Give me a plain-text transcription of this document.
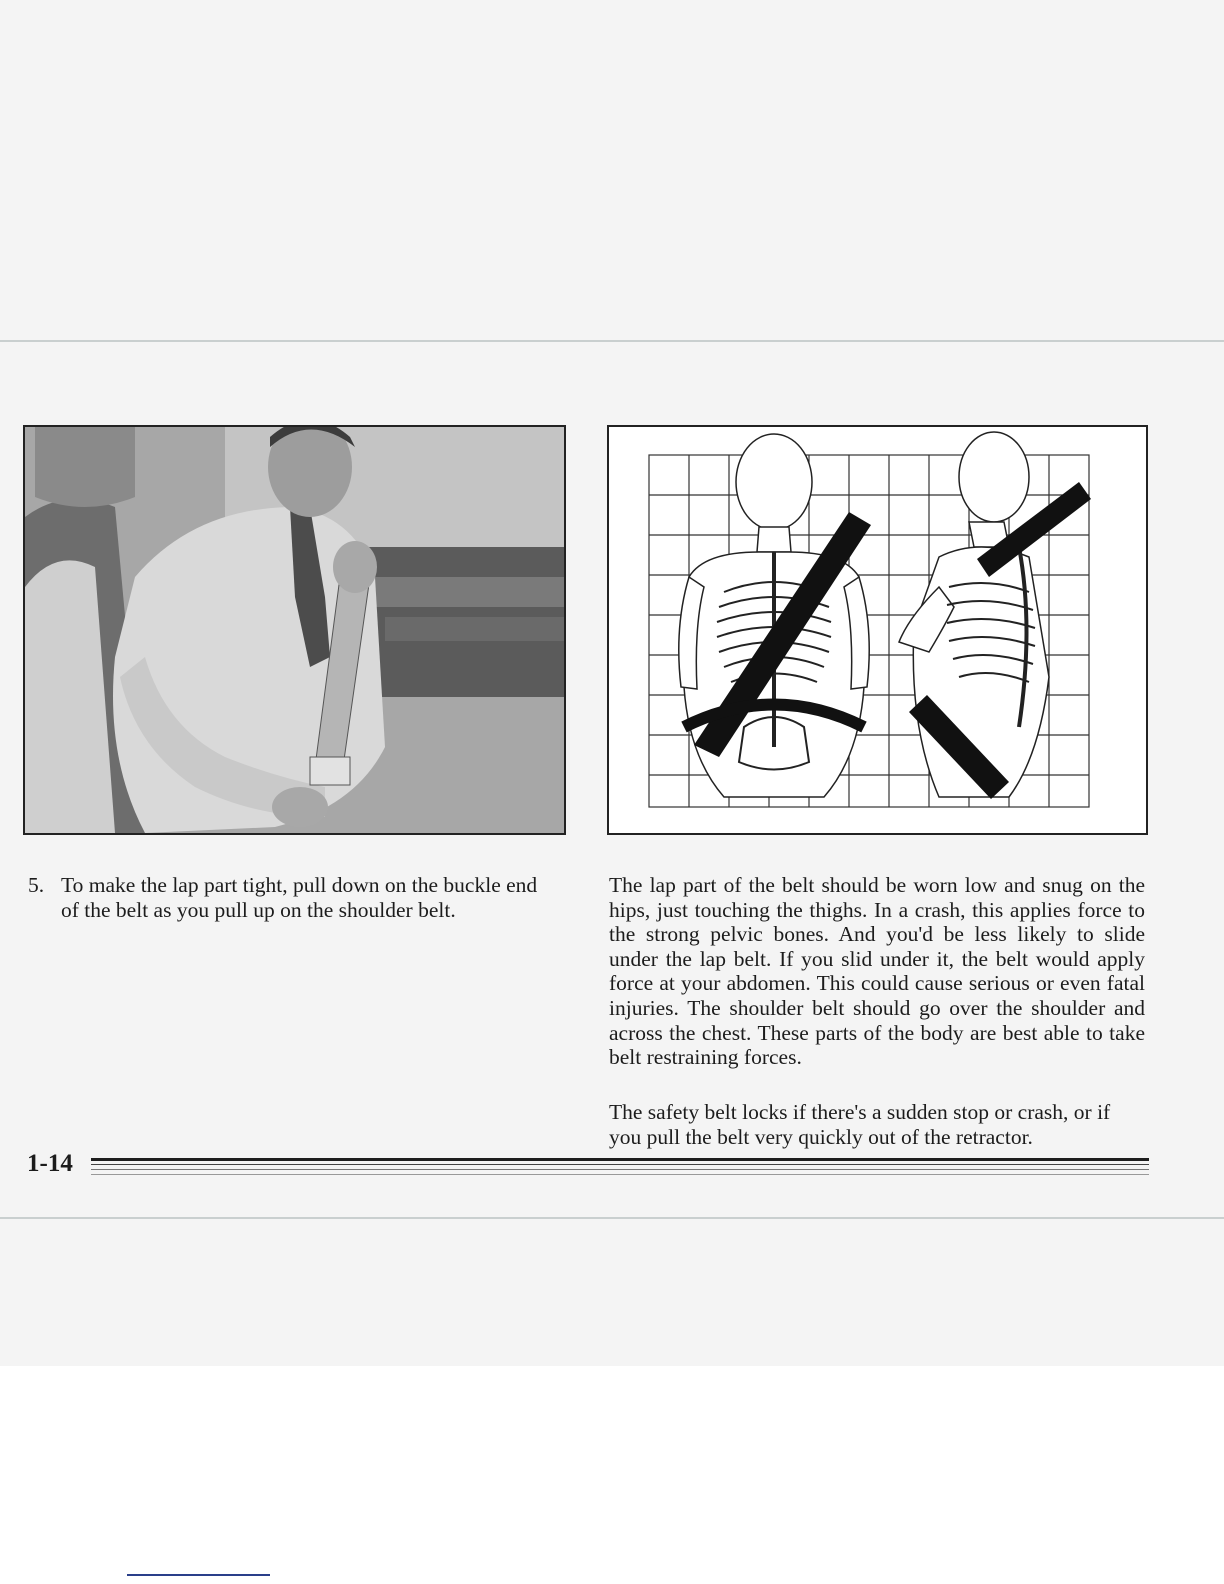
5. To make the lap part tight, pull down on the buckle end of the belt as you pull up on the shoulder belt.

The lap part of the belt should be worn low and snug on the hips, just touching the thighs. In a crash, this applies force to the strong pelvic bones. And you'd be less likely to slide under the lap belt. If you slid under it, the belt would apply force at your abdomen. This could cause serious or even fatal injuries. The shoulder belt should go over the shoulder and across the chest. These parts of the body are best able to take belt restraining forces.

The safety belt locks if there's a sudden stop or crash, or if you pull the belt very quickly out of the retractor.

1-14
